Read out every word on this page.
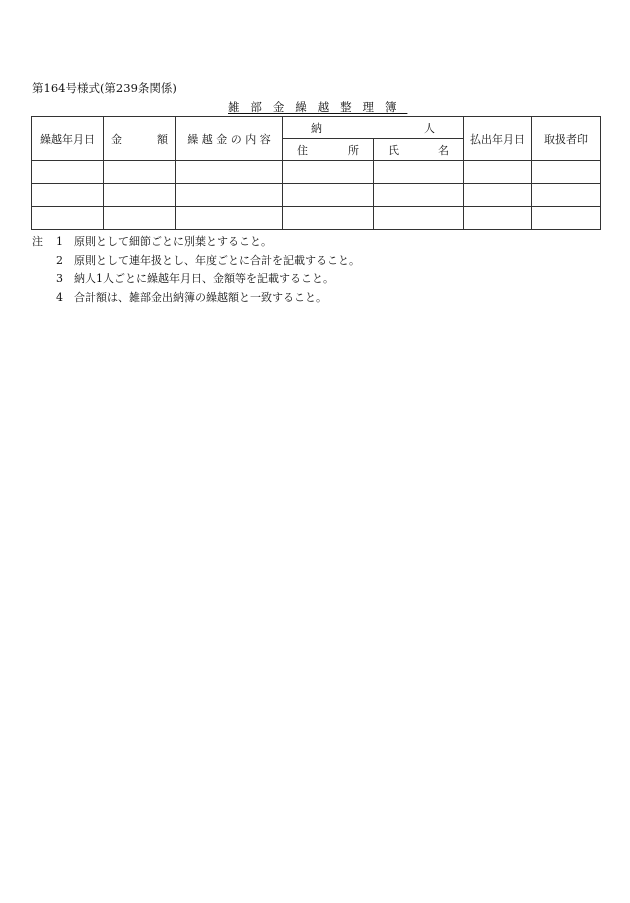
第164号様式(第239条関係)
雑部金繰越整理簿
繰越年月日	金 額	繰 越 金 の 内 容	納 人		払出年月日	取扱者印

			住 所	氏 名		

注	1	原則として細節ごとに別葉とすること。
2	原則として連年扱とし、年度ごとに合計を記載すること。
3	納人1人ごとに繰越年月日、金額等を記載すること。
4	合計額は、雑部金出納簿の繰越額と一致すること。
